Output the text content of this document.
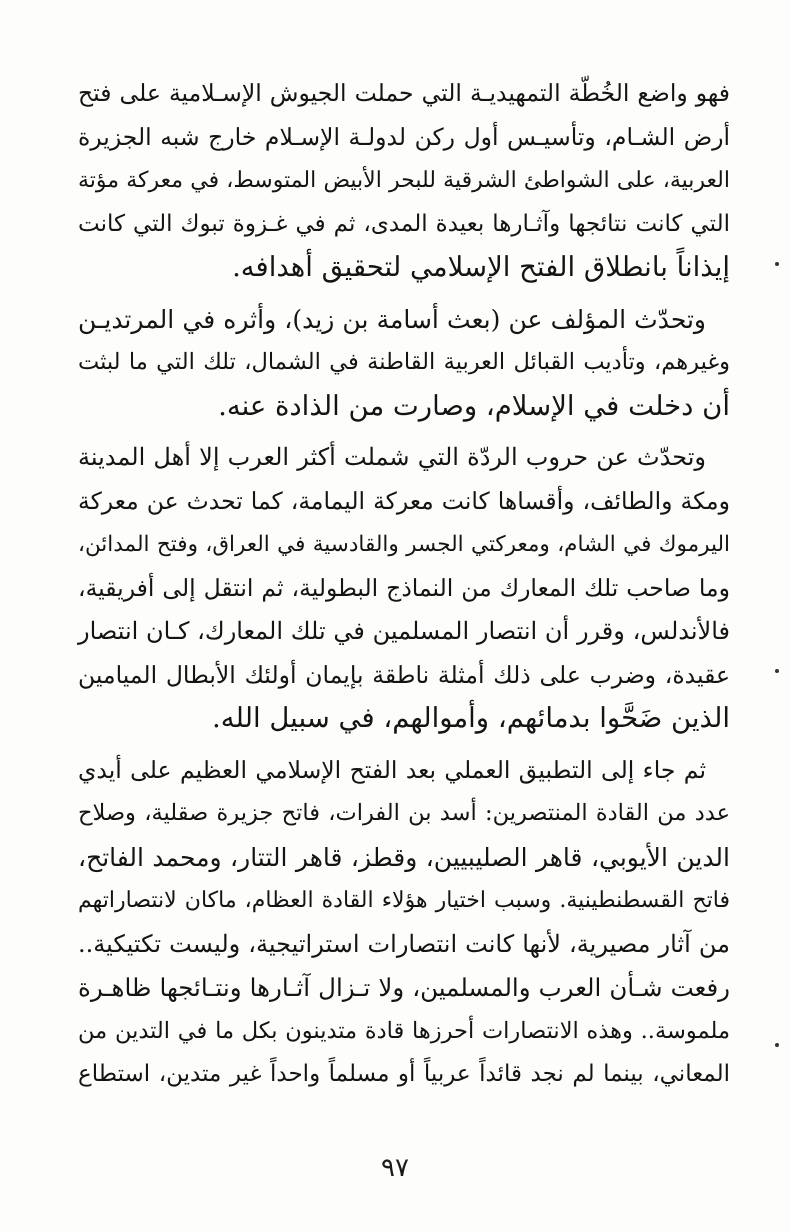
فهو واضع الخُطّة التمهيديـة التي حملت الجيوش الإسـلامية على فتح
أرض الشـام، وتأسيـس أول ركن لدولـة الإسـلام خارج شبه الجزيرة
العربية، على الشواطئ الشرقية للبحر الأبيض المتوسط، في معركة مؤتة
التي كانت نتائجها وآثـارها بعيدة المدى، ثم في غـزوة تبوك التي كانت
إيذاناً بانطلاق الفتح الإسلامي لتحقيق أهدافه.

وتحدّث المؤلف عن (بعث أسامة بن زيد)، وأثره في المرتديـن
وغيرهم، وتأديب القبائل العربية القاطنة في الشمال، تلك التي ما لبثت
أن دخلت في الإسلام، وصارت من الذادة عنه.

وتحدّث عن حروب الردّة التي شملت أكثر العرب إلا أهل المدينة
ومكة والطائف، وأقساها كانت معركة اليمامة، كما تحدث عن معركة
اليرموك في الشام، ومعركتي الجسر والقادسية في العراق، وفتح المدائن،
وما صاحب تلك المعارك من النماذج البطولية، ثم انتقل إلى أفريقية،
فالأندلس، وقرر أن انتصار المسلمين في تلك المعارك، كـان انتصار
عقيدة، وضرب على ذلك أمثلة ناطقة بإيمان أولئك الأبطال الميامين
الذين ضَحَّوا بدمائهم، وأموالهم، في سبيل الله.

ثم جاء إلى التطبيق العملي بعد الفتح الإسلامي العظيم على أيدي
عدد من القادة المنتصرين: أسد بن الفرات، فاتح جزيرة صقلية، وصلاح
الدين الأيوبي، قاهر الصليبيين، وقطز، قاهر التتار، ومحمد الفاتح،
فاتح القسطنطينية. وسبب اختيار هؤلاء القادة العظام، ماكان لانتصاراتهم
من آثار مصيرية، لأنها كانت انتصارات استراتيجية، وليست تكتيكية..
رفعت شـأن العرب والمسلمين، ولا تـزال آثـارها ونتـائجها ظاهـرة
ملموسة.. وهذه الانتصارات أحرزها قادة متدينون بكل ما في التدين من
المعاني، بينما لم نجد قائداً عربياً أو مسلماً واحداً غير متدين، استطاع

٩٧
